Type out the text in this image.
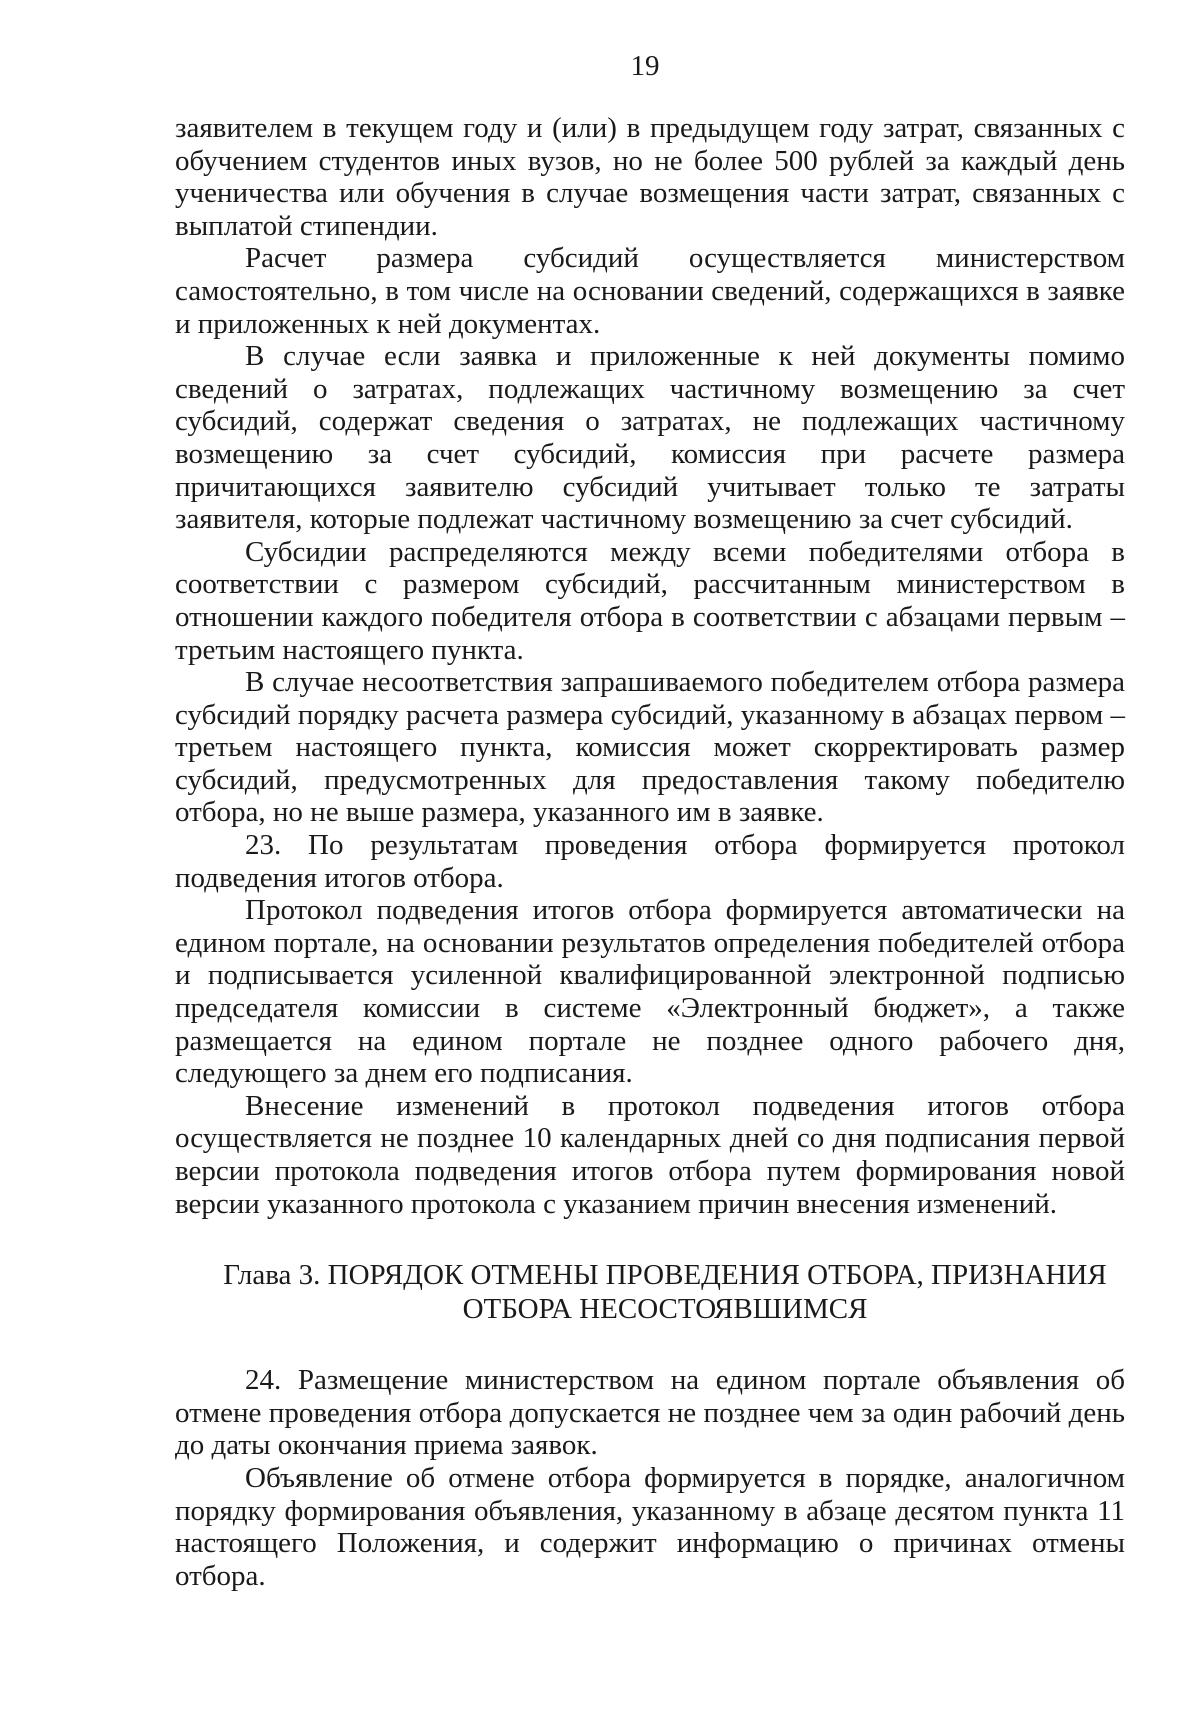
19

заявителем в текущем году и (или) в предыдущем году затрат, связанных с обучением студентов иных вузов, но не более 500 рублей за каждый день ученичества или обучения в случае возмещения части затрат, связанных с выплатой стипендии.

Расчет размера субсидий осуществляется министерством самостоятельно, в том числе на основании сведений, содержащихся в заявке и приложенных к ней документах.

В случае если заявка и приложенные к ней документы помимо сведений о затратах, подлежащих частичному возмещению за счет субсидий, содержат сведения о затратах, не подлежащих частичному возмещению за счет субсидий, комиссия при расчете размера причитающихся заявителю субсидий учитывает только те затраты заявителя, которые подлежат частичному возмещению за счет субсидий.

Субсидии распределяются между всеми победителями отбора в соответствии с размером субсидий, рассчитанным министерством в отношении каждого победителя отбора в соответствии с абзацами первым – третьим настоящего пункта.

В случае несоответствия запрашиваемого победителем отбора размера субсидий порядку расчета размера субсидий, указанному в абзацах первом – третьем настоящего пункта, комиссия может скорректировать размер субсидий, предусмотренных для предоставления такому победителю отбора, но не выше размера, указанного им в заявке.

23. По результатам проведения отбора формируется протокол подведения итогов отбора.

Протокол подведения итогов отбора формируется автоматически на едином портале, на основании результатов определения победителей отбора и подписывается усиленной квалифицированной электронной подписью председателя комиссии в системе «Электронный бюджет», а также размещается на едином портале не позднее одного рабочего дня, следующего за днем его подписания.

Внесение изменений в протокол подведения итогов отбора осуществляется не позднее 10 календарных дней со дня подписания первой версии протокола подведения итогов отбора путем формирования новой версии указанного протокола с указанием причин внесения изменений.

Глава 3. ПОРЯДОК ОТМЕНЫ ПРОВЕДЕНИЯ ОТБОРА, ПРИЗНАНИЯ
ОТБОРА НЕСОСТОЯВШИМСЯ

24. Размещение министерством на едином портале объявления об отмене проведения отбора допускается не позднее чем за один рабочий день до даты окончания приема заявок.

Объявление об отмене отбора формируется в порядке, аналогичном порядку формирования объявления, указанному в абзаце десятом пункта 11 настоящего Положения, и содержит информацию о причинах отмены отбора.
